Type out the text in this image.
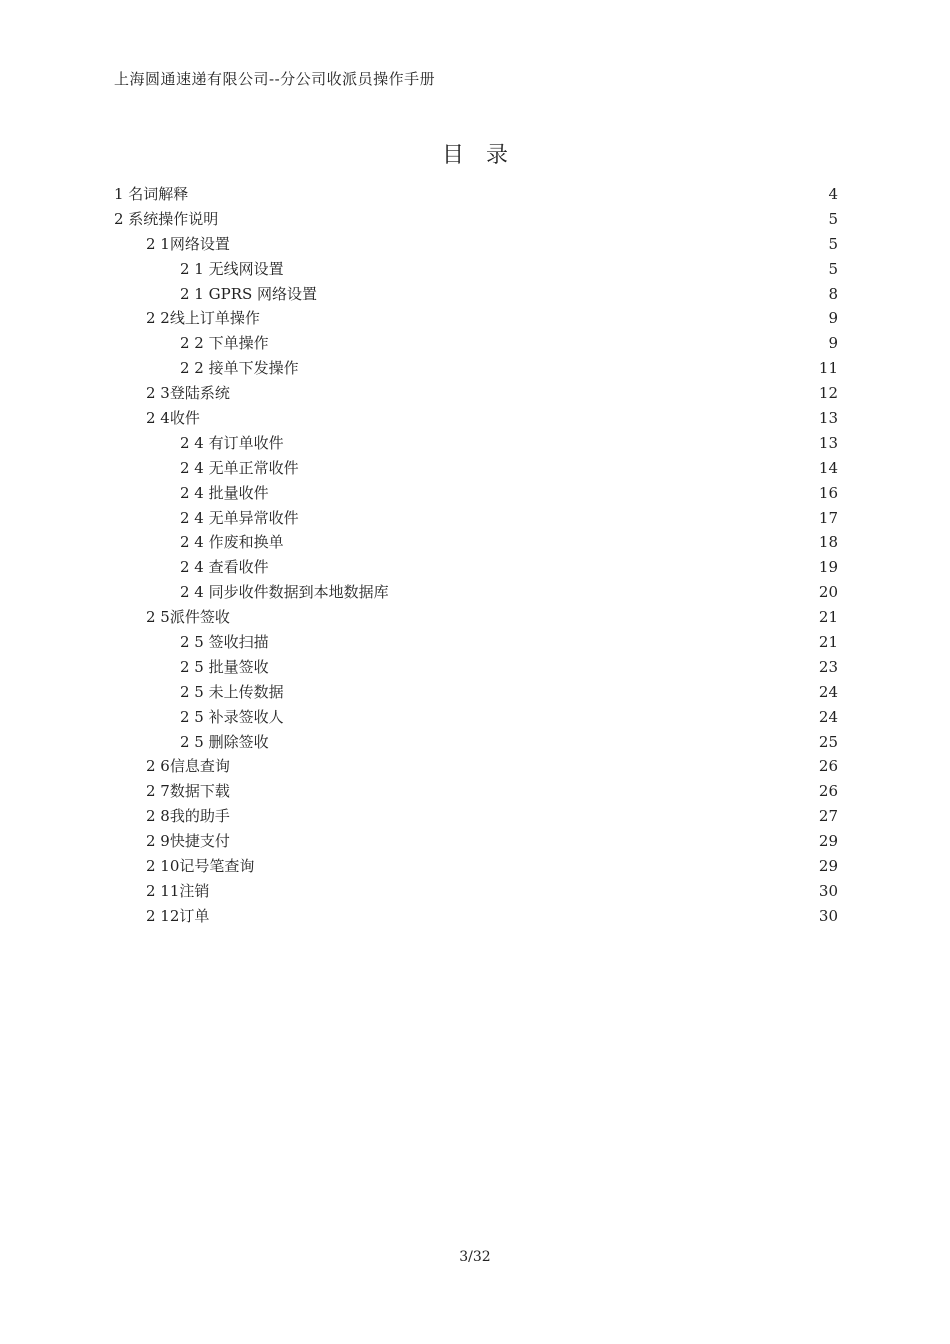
上海圆通速递有限公司--分公司收派员操作手册
目　录
1 名词解释	4
2 系统操作说明	5
2 1网络设置	5
2 1 无线网设置	5
2 1 GPRS 网络设置	8
2 2线上订单操作	9
2 2 下单操作	9
2 2 接单下发操作	11
2 3登陆系统	12
2 4收件	13
2 4 有订单收件	13
2 4 无单正常收件	14
2 4 批量收件	16
2 4 无单异常收件	17
2 4 作废和换单	18
2 4 查看收件	19
2 4 同步收件数据到本地数据库	20
2 5派件签收	21
2 5 签收扫描	21
2 5 批量签收	23
2 5 未上传数据	24
2 5 补录签收人	24
2 5 删除签收	25
2 6信息查询	26
2 7数据下载	26
2 8我的助手	27
2 9快捷支付	29
2 10记号笔查询	29
2 11注销	30
2 12订单	30
3/32
